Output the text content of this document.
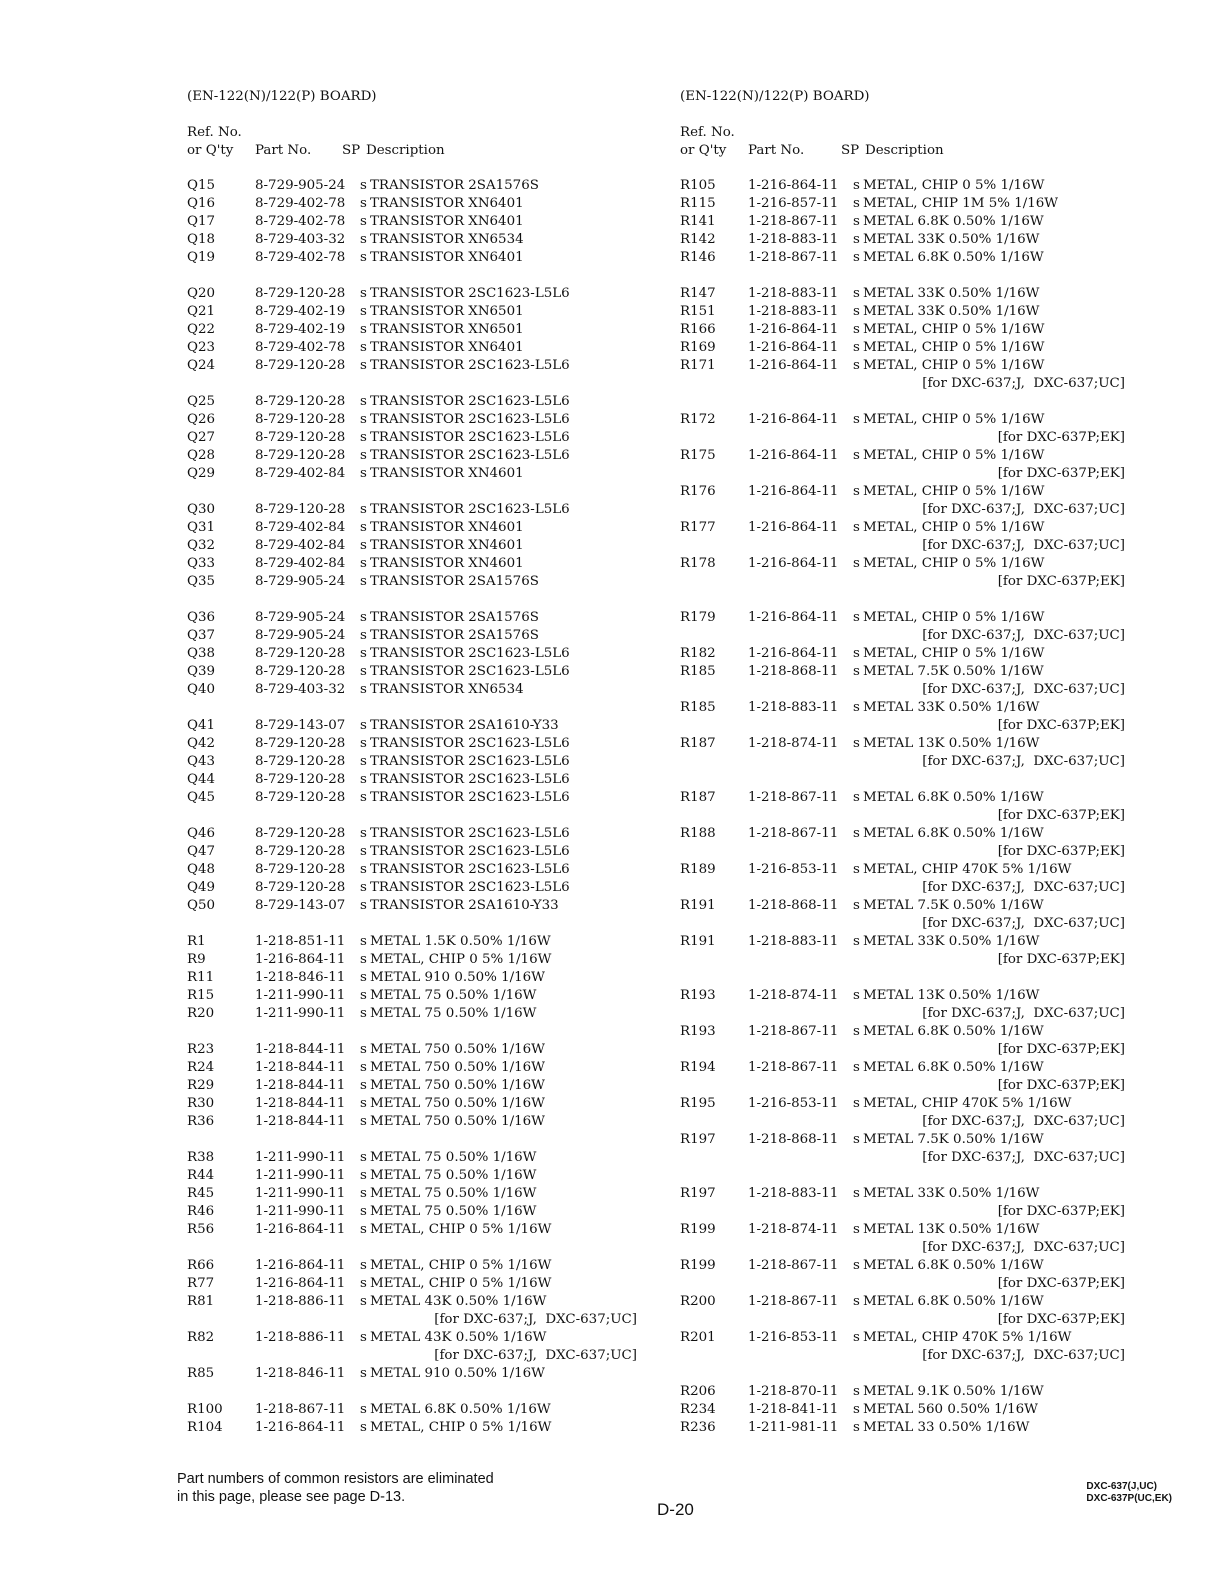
(EN-122(N)/122(P) BOARD)
Ref. No.
or Q'ty Part No. SP Description
Q15	8-729-905-24 s TRANSISTOR 2SA1576S
Q16	8-729-402-78 s TRANSISTOR XN6401
Q17	8-729-402-78 s TRANSISTOR XN6401
Q18	8-729-403-32 s TRANSISTOR XN6534
Q19	8-729-402-78 s TRANSISTOR XN6401
Q20	8-729-120-28 s TRANSISTOR 2SC1623-L5L6
Q21	8-729-402-19 s TRANSISTOR XN6501
Q22	8-729-402-19 s TRANSISTOR XN6501
Q23	8-729-402-78 s TRANSISTOR XN6401
Q24	8-729-120-28 s TRANSISTOR 2SC1623-L5L6
Q25	8-729-120-28 s TRANSISTOR 2SC1623-L5L6
Q26	8-729-120-28 s TRANSISTOR 2SC1623-L5L6
Q27	8-729-120-28 s TRANSISTOR 2SC1623-L5L6
Q28	8-729-120-28 s TRANSISTOR 2SC1623-L5L6
Q29	8-729-402-84 s TRANSISTOR XN4601
Q30	8-729-120-28 s TRANSISTOR 2SC1623-L5L6
Q31	8-729-402-84 s TRANSISTOR XN4601
Q32	8-729-402-84 s TRANSISTOR XN4601
Q33	8-729-402-84 s TRANSISTOR XN4601
Q35	8-729-905-24 s TRANSISTOR 2SA1576S
Q36	8-729-905-24 s TRANSISTOR 2SA1576S
Q37	8-729-905-24 s TRANSISTOR 2SA1576S
Q38	8-729-120-28 s TRANSISTOR 2SC1623-L5L6
Q39	8-729-120-28 s TRANSISTOR 2SC1623-L5L6
Q40	8-729-403-32 s TRANSISTOR XN6534
Q41	8-729-143-07 s TRANSISTOR 2SA1610-Y33
Q42	8-729-120-28 s TRANSISTOR 2SC1623-L5L6
Q43	8-729-120-28 s TRANSISTOR 2SC1623-L5L6
Q44	8-729-120-28 s TRANSISTOR 2SC1623-L5L6
Q45	8-729-120-28 s TRANSISTOR 2SC1623-L5L6
Q46	8-729-120-28 s TRANSISTOR 2SC1623-L5L6
Q47	8-729-120-28 s TRANSISTOR 2SC1623-L5L6
Q48	8-729-120-28 s TRANSISTOR 2SC1623-L5L6
Q49	8-729-120-28 s TRANSISTOR 2SC1623-L5L6
Q50	8-729-143-07 s TRANSISTOR 2SA1610-Y33
R1	1-218-851-11 s METAL 1.5K 0.50% 1/16W
R9	1-216-864-11 s METAL, CHIP 0 5% 1/16W
R11	1-218-846-11 s METAL 910 0.50% 1/16W
R15	1-211-990-11 s METAL 75 0.50% 1/16W
R20	1-211-990-11 s METAL 75 0.50% 1/16W
R23	1-218-844-11 s METAL 750 0.50% 1/16W
R24	1-218-844-11 s METAL 750 0.50% 1/16W
R29	1-218-844-11 s METAL 750 0.50% 1/16W
R30	1-218-844-11 s METAL 750 0.50% 1/16W
R36	1-218-844-11 s METAL 750 0.50% 1/16W
R38	1-211-990-11 s METAL 75 0.50% 1/16W
R44	1-211-990-11 s METAL 75 0.50% 1/16W
R45	1-211-990-11 s METAL 75 0.50% 1/16W
R46	1-211-990-11 s METAL 75 0.50% 1/16W
R56	1-216-864-11 s METAL, CHIP 0 5% 1/16W
R66	1-216-864-11 s METAL, CHIP 0 5% 1/16W
R77	1-216-864-11 s METAL, CHIP 0 5% 1/16W
R81	1-218-886-11 s METAL 43K 0.50% 1/16W
[for DXC-637;J,  DXC-637;UC]
R82	1-218-886-11 s METAL 43K 0.50% 1/16W
[for DXC-637;J,  DXC-637;UC]
R85	1-218-846-11 s METAL 910 0.50% 1/16W
R100 1-218-867-11 s METAL 6.8K 0.50% 1/16W
R104 1-216-864-11 s METAL, CHIP 0 5% 1/16W
(EN-122(N)/122(P) BOARD)
Ref. No.
or Q'ty Part No.	SP Description
R105 1-216-864-11 s METAL, CHIP 0 5% 1/16W
R115 1-216-857-11 s METAL, CHIP 1M 5% 1/16W
R141 1-218-867-11 s METAL 6.8K 0.50% 1/16W
R142 1-218-883-11 s METAL 33K 0.50% 1/16W
R146 1-218-867-11 s METAL 6.8K 0.50% 1/16W
R147 1-218-883-11 s METAL 33K 0.50% 1/16W
R151 1-218-883-11 s METAL 33K 0.50% 1/16W
R166 1-216-864-11 s METAL, CHIP 0 5% 1/16W
R169 1-216-864-11 s METAL, CHIP 0 5% 1/16W
R171 1-216-864-11 s METAL, CHIP 0 5% 1/16W
[for DXC-637;J,  DXC-637;UC]
R172 1-216-864-11 s METAL, CHIP 0 5% 1/16W
[for DXC-637P;EK]
R175 1-216-864-11 s METAL, CHIP 0 5% 1/16W
[for DXC-637P;EK]
R176 1-216-864-11 s METAL, CHIP 0 5% 1/16W
[for DXC-637;J,  DXC-637;UC]
R177 1-216-864-11 s METAL, CHIP 0 5% 1/16W
[for DXC-637;J,  DXC-637;UC]
R178 1-216-864-11 s METAL, CHIP 0 5% 1/16W
[for DXC-637P;EK]
R179 1-216-864-11 s METAL, CHIP 0 5% 1/16W
[for DXC-637;J,  DXC-637;UC]
R182 1-216-864-11 s METAL, CHIP 0 5% 1/16W
R185 1-218-868-11 s METAL 7.5K 0.50% 1/16W
[for DXC-637;J,  DXC-637;UC]
R185 1-218-883-11 s METAL 33K 0.50% 1/16W
[for DXC-637P;EK]
R187 1-218-874-11 s METAL 13K 0.50% 1/16W
[for DXC-637;J,  DXC-637;UC]
R187 1-218-867-11 s METAL 6.8K 0.50% 1/16W
[for DXC-637P;EK]
R188 1-218-867-11 s METAL 6.8K 0.50% 1/16W
[for DXC-637P;EK]
R189 1-216-853-11 s METAL, CHIP 470K 5% 1/16W
[for DXC-637;J,  DXC-637;UC]
R191 1-218-868-11 s METAL 7.5K 0.50% 1/16W
[for DXC-637;J,  DXC-637;UC]
R191 1-218-883-11 s METAL 33K 0.50% 1/16W
[for DXC-637P;EK]
R193 1-218-874-11 s METAL 13K 0.50% 1/16W
[for DXC-637;J,  DXC-637;UC]
R193 1-218-867-11 s METAL 6.8K 0.50% 1/16W
[for DXC-637P;EK]
R194 1-218-867-11 s METAL 6.8K 0.50% 1/16W
[for DXC-637P;EK]
R195 1-216-853-11 s METAL, CHIP 470K 5% 1/16W
[for DXC-637;J,  DXC-637;UC]
R197 1-218-868-11 s METAL 7.5K 0.50% 1/16W
[for DXC-637;J,  DXC-637;UC]
R197 1-218-883-11 s METAL 33K 0.50% 1/16W
[for DXC-637P;EK]
R199 1-218-874-11 s METAL 13K 0.50% 1/16W
[for DXC-637;J,  DXC-637;UC]
R199 1-218-867-11 s METAL 6.8K 0.50% 1/16W
[for DXC-637P;EK]
R200 1-218-867-11 s METAL 6.8K 0.50% 1/16W
[for DXC-637P;EK]
R201 1-216-853-11 s METAL, CHIP 470K 5% 1/16W
[for DXC-637;J,  DXC-637;UC]
R206 1-218-870-11 s METAL 9.1K 0.50% 1/16W
R234 1-218-841-11 s METAL 560 0.50% 1/16W
R236 1-211-981-11 s METAL 33 0.50% 1/16W
Part numbers of common resistors are eliminated
in this page, please see page D-13.
D-20
DXC-637(J,UC)
DXC-637P(UC,EK)
